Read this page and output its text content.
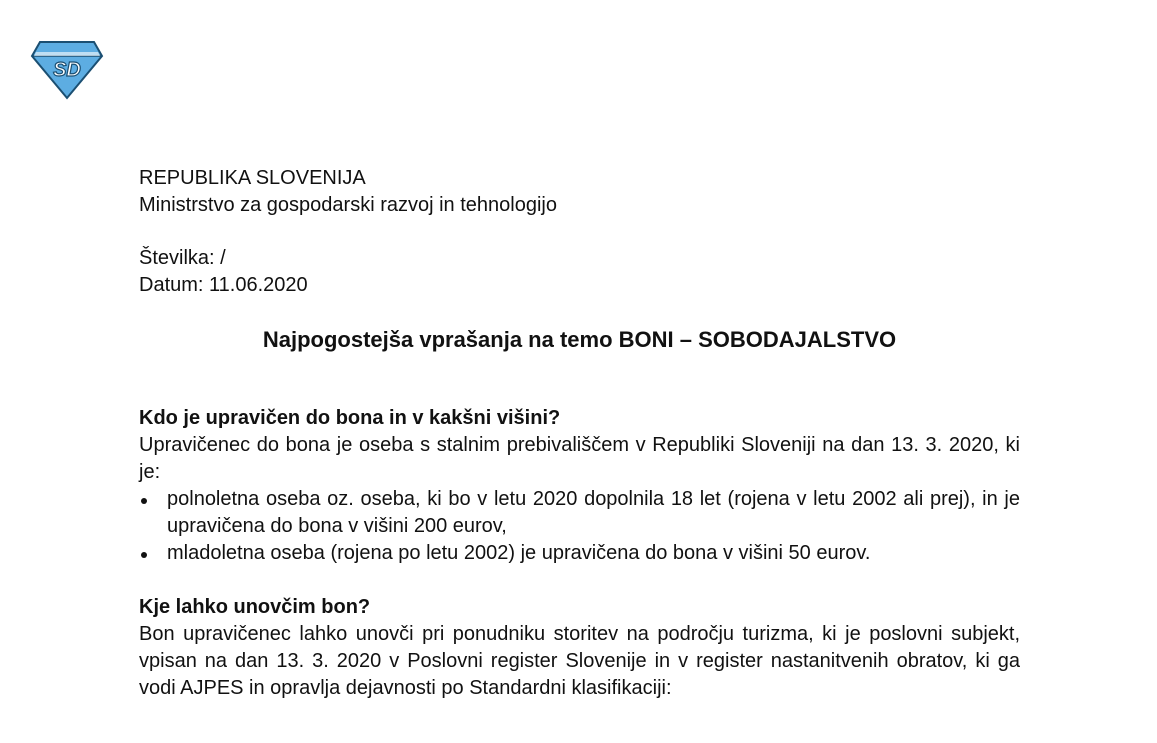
SD

REPUBLIKA SLOVENIJA

Ministrstvo za gospodarski razvoj in tehnologijo

Številka: /

Datum: 11.06.2020

Najpogostejša vprašanja na temo BONI – SOBODAJALSTVO

Kdo je upravičen do bona in v kakšni višini?

Upravičenec do bona je oseba s stalnim prebivališčem v Republiki Sloveniji na dan 13. 3. 2020, ki je:

polnoletna oseba oz. oseba, ki bo v letu 2020 dopolnila 18 let (rojena v letu 2002 ali prej), in je upravičena do bona v višini 200 eurov,
mladoletna oseba (rojena po letu 2002) je upravičena do bona v višini 50 eurov.

Kje lahko unovčim bon?

Bon upravičenec lahko unovči pri ponudniku storitev na področju turizma, ki je poslovni subjekt, vpisan na dan 13. 3. 2020 v Poslovni register Slovenije in v register nastanitvenih obratov, ki ga vodi AJPES in opravlja dejavnosti po Standardni klasifikaciji:
